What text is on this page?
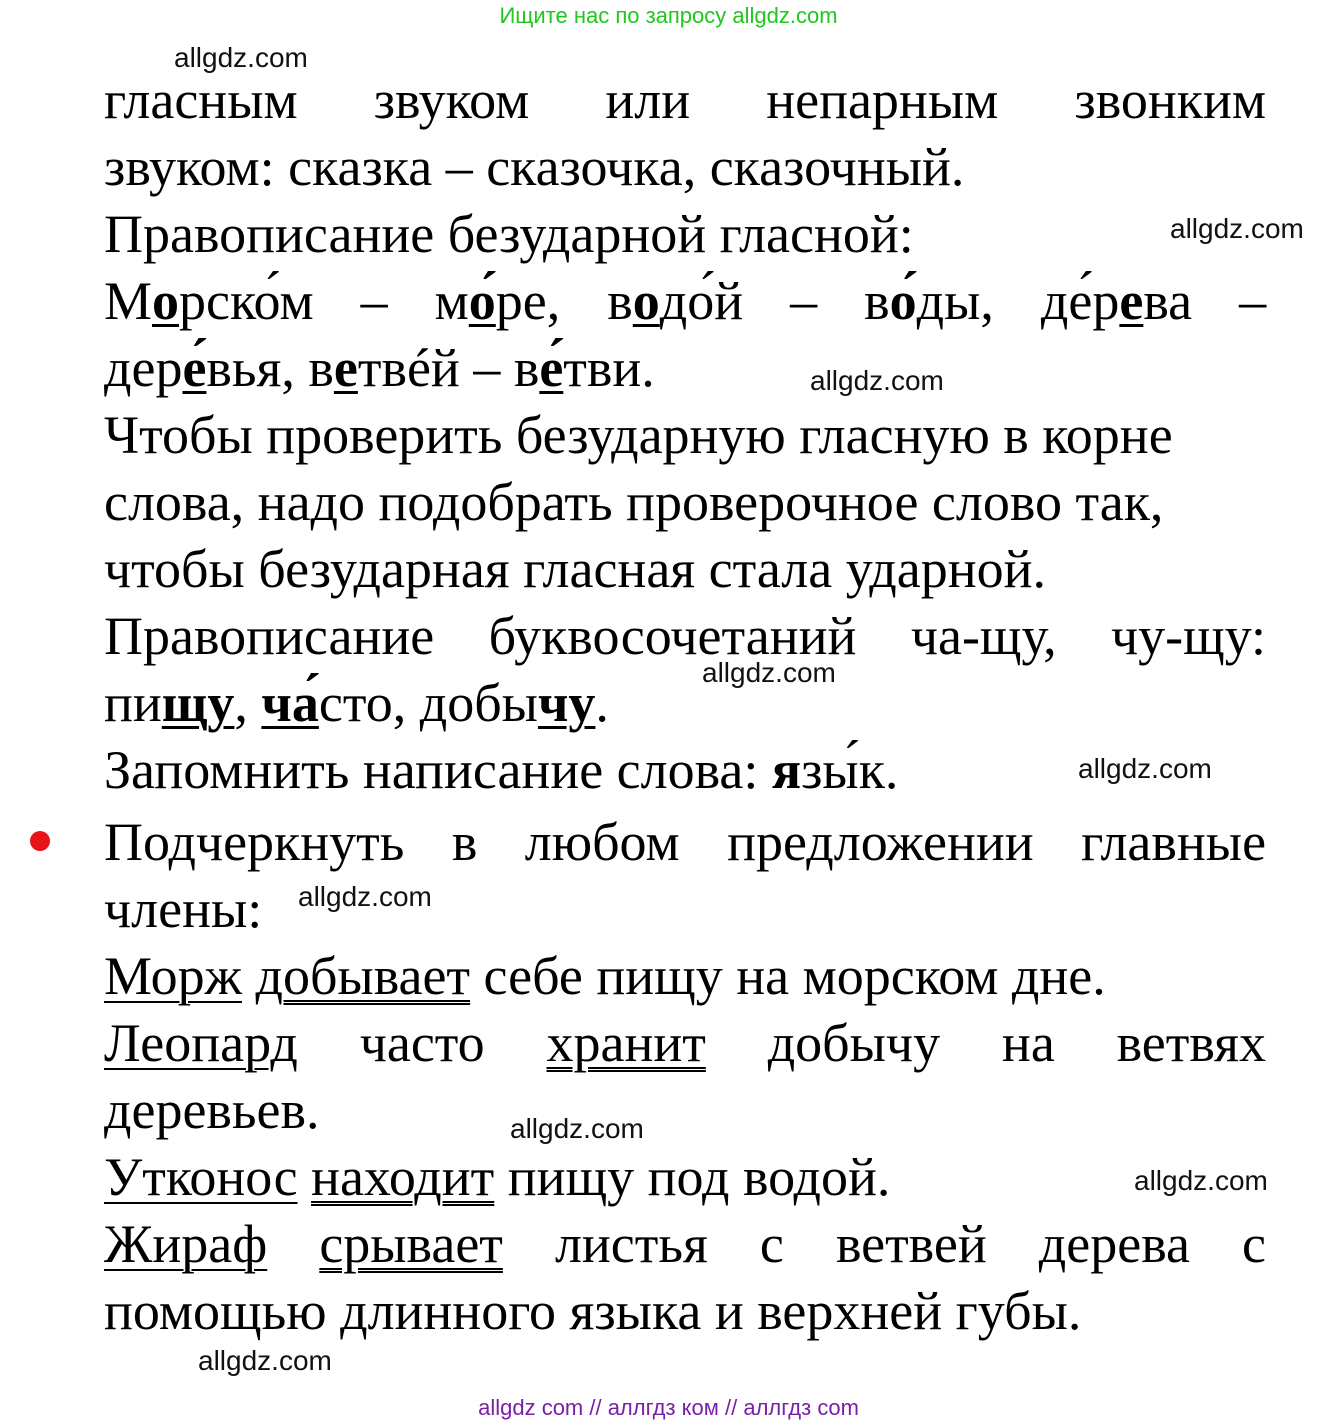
Ищите нас по запросу allgdz.com
allgdz.com
allgdz.com
allgdz.com
allgdz.com
allgdz.com
allgdz.com
allgdz.com
allgdz.com
allgdz.com
гласным звуком или непарным звонким
звуком: сказка – сказочка, сказочный.
Правописание безударной гласной:
Морско́м – мо́ре, водо́й – во́ды, де́рева –
дере́вья, ветвéй – ве́тви.
Чтобы проверить безударную гласную в корне
слова, надо подобрать проверочное слово так,
чтобы безударная гласная стала ударной.
Правописание буквосочетаний ча-щу, чу-щу:
пищу, ча́сто, добычу.
Запомнить написание слова: язы́к.
Подчеркнуть в любом предложении главные
члены:
Морж добывает себе пищу на морском дне.
Леопард часто хранит добычу на ветвях
деревьев.
Утконос находит пищу под водой.
Жираф срывает листья с ветвей дерева с
помощью длинного языка и верхней губы.
allgdz com // аллгдз ком // аллгдз com
